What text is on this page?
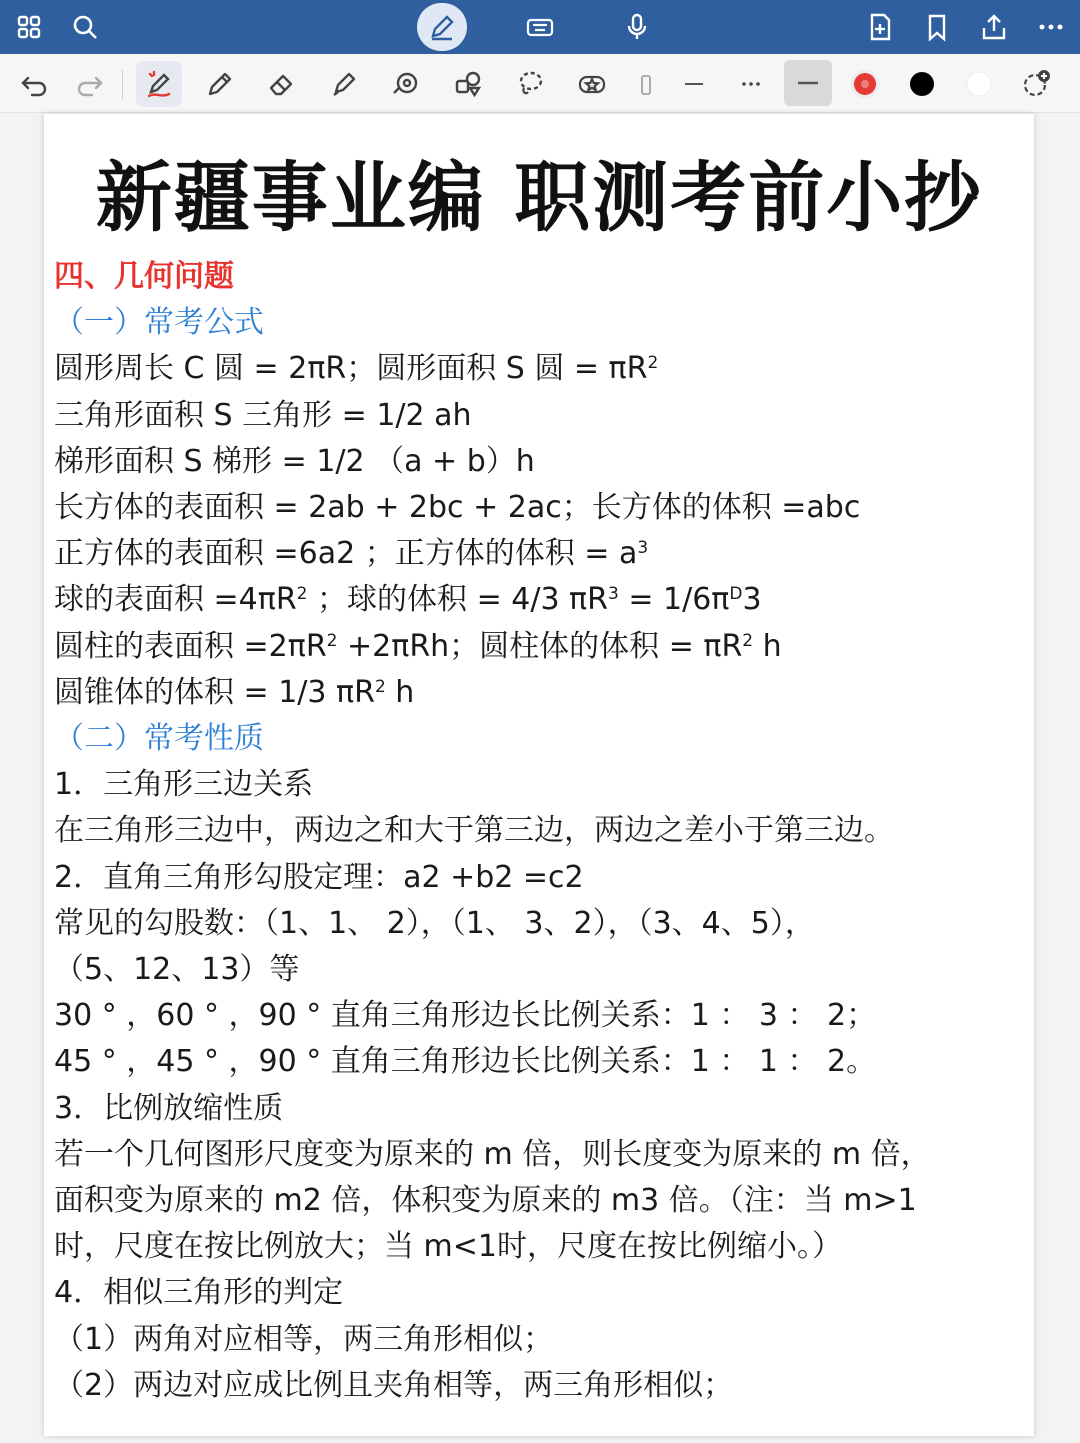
新疆事业编 职测考前小抄
四、几何问题
（一）常考公式
圆形周长 C 圆 = 2πR；圆形面积 S 圆 = $\pi R^2$
三角形面积 S 三角形 = 1/2 ah
梯形面积 S 梯形 = 1/2 （a + b）h
长方体的表面积 = 2ab + 2bc + 2ac；长方体的体积 =abc
正方体的表面积 =6a2 ；正方体的体积 = $a^3$
球的表面积 $=4\pi R^2$ ；球的体积 = 4/3 $\pi R^3 = 1/6\pi^D3$
圆柱的表面积 $=2\pi R^2 +2\pi Rh$；圆柱体的体积 = $\pi R^2$ h
圆锥体的体积 = 1/3 $\pi R^2$ h
（二）常考性质
1．三角形三边关系
在三角形三边中，两边之和大于第三边，两边之差小于第三边。
2．直角三角形勾股定理：a2 +b2 =c2
常见的勾股数：（1、1、 2），（1、 3、2），（3、4、5），
（5、12、13）等
30 ° ，60 ° ，90 ° 直角三角形边长比例关系：1 ： 3 ： 2；
45 ° ，45 ° ，90 ° 直角三角形边长比例关系：1 ： 1 ： 2。
3．比例放缩性质
若一个几何图形尺度变为原来的 m 倍，则长度变为原来的 m 倍，
面积变为原来的 m2 倍，体积变为原来的 m3 倍。（注：当 m>1
时，尺度在按比例放大；当 m<1时，尺度在按比例缩小。）
4．相似三角形的判定
（1）两角对应相等，两三角形相似；
（2）两边对应成比例且夹角相等，两三角形相似；
